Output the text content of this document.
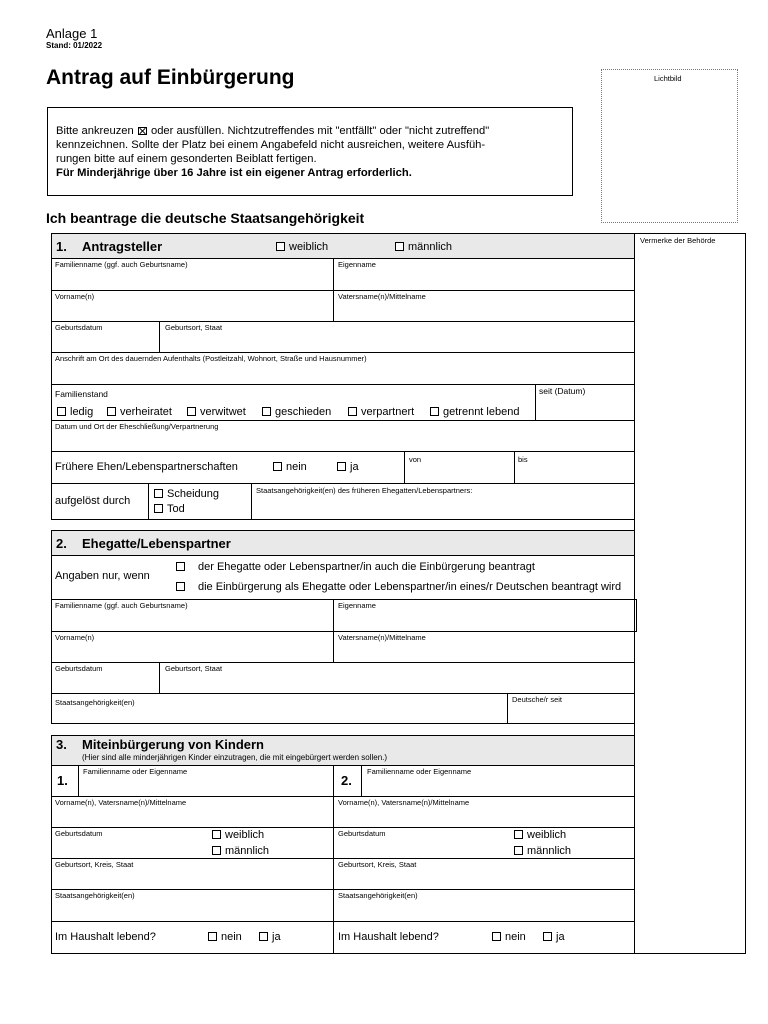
Anlage 1
Stand: 01/2022
Antrag auf Einbürgerung	Lichtbild
Bitte ankreuzen ☒ oder ausfüllen. Nichtzutreffendes mit "entfällt" oder "nicht zutreffend"
kennzeichnen. Sollte der Platz bei einem Angabefeld nicht ausreichen, weitere Ausfüh-
rungen bitte auf einem gesonderten Beiblatt fertigen.
Für Minderjährige über 16 Jahre ist ein eigener Antrag erforderlich.
Ich beantrage die deutsche Staatsangehörigkeit
Vermerke der Behörde
1. Antragsteller	weiblich	männlich
Familienname (ggf. auch Geburtsname)	Eigenname
Vorname(n)	Vatersname(n)/Mittelname
Geburtsdatum	Geburtsort, Staat
Anschrift am Ort des dauernden Aufenthalts (Postleitzahl, Wohnort, Straße und Hausnummer)
Familienstand	seit (Datum)
ledig	verheiratet	verwitwet	geschieden	verpartnert	getrennt lebend
Datum und Ort der Eheschließung/Verpartnerung
Frühere Ehen/Lebenspartnerschaften	nein	ja
von	bis
aufgelöst durch
Scheidung
Tod
Staatsangehörigkeit(en) des früheren Ehegatten/Lebenspartners:
2. Ehegatte/Lebenspartner
Angaben nur, wenn
der Ehegatte oder Lebenspartner/in auch die Einbürgerung beantragt
die Einbürgerung als Ehegatte oder Lebenspartner/in eines/r Deutschen beantragt wird
Familienname (ggf. auch Geburtsname)	Eigenname
Vorname(n)	Vatersname(n)/Mittelname
Geburtsdatum	Geburtsort, Staat
Staatsangehörigkeit(en)	Deutsche/r seit
3. Miteinbürgerung von Kindern
(Hier sind alle minderjährigen Kinder einzutragen, die mit eingebürgert werden sollen.)
1.
Familienname oder Eigenname
Vorname(n), Vatersname(n)/Mittelname
Geburtsdatum	weiblich
männlich
Geburtsort, Kreis, Staat
Staatsangehörigkeit(en)
Im Haushalt lebend?	nein	ja
2.
Familienname oder Eigenname
Vorname(n), Vatersname(n)/Mittelname
Geburtsdatum	weiblich
männlich
Geburtsort, Kreis, Staat
Staatsangehörigkeit(en)
Im Haushalt lebend?	nein	ja
